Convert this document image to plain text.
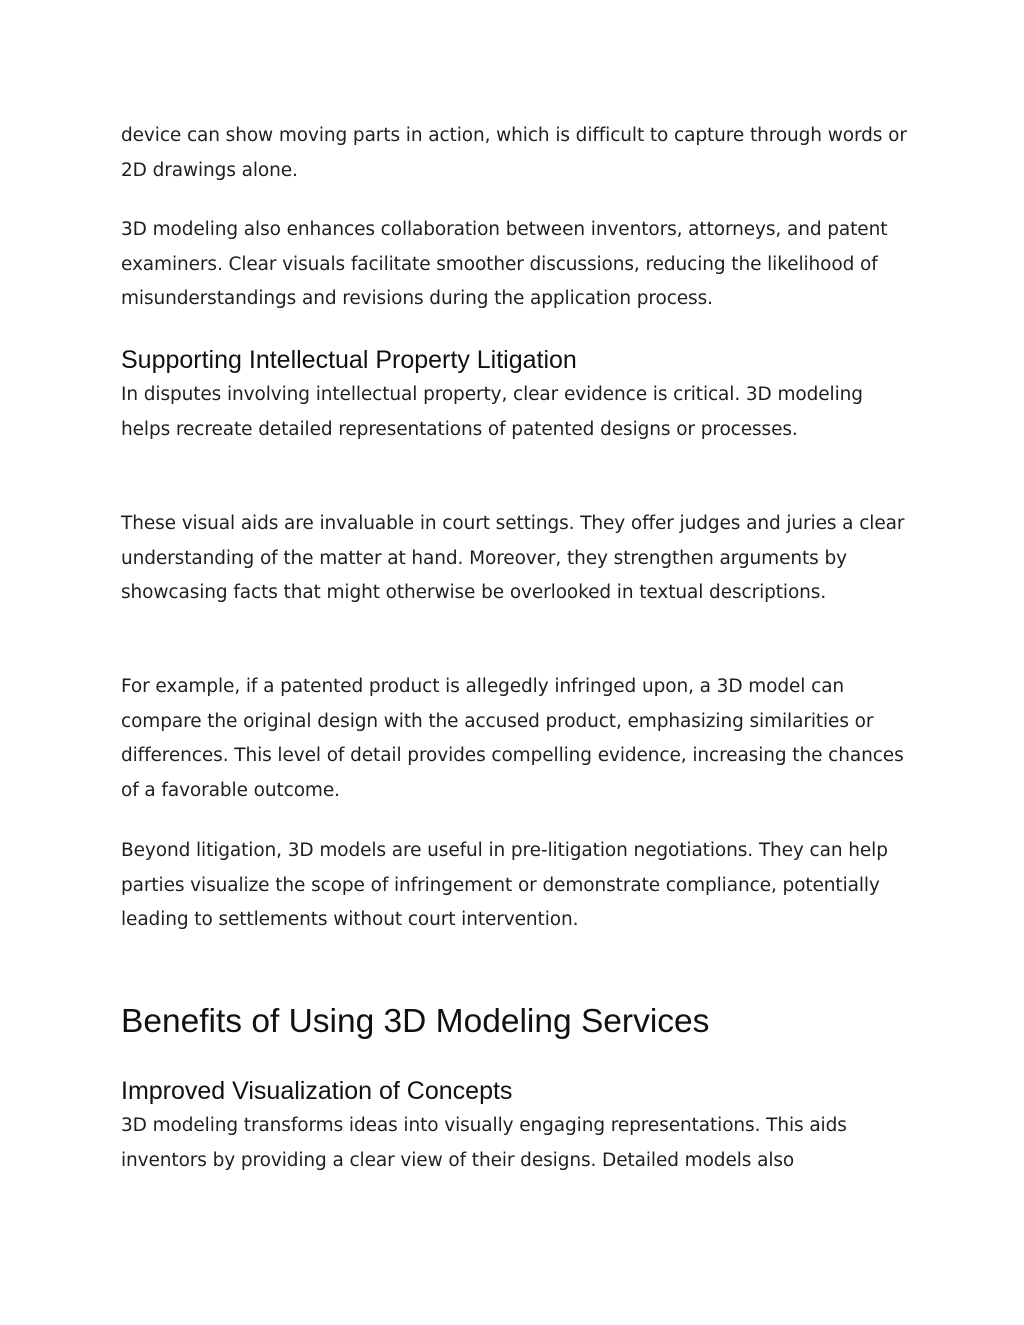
device can show moving parts in action, which is difficult to capture through words or 2D drawings alone.

3D modeling also enhances collaboration between inventors, attorneys, and patent examiners. Clear visuals facilitate smoother discussions, reducing the likelihood of misunderstandings and revisions during the application process.

Supporting Intellectual Property Litigation

In disputes involving intellectual property, clear evidence is critical. 3D modeling helps recreate detailed representations of patented designs or processes.

These visual aids are invaluable in court settings. They offer judges and juries a clear understanding of the matter at hand. Moreover, they strengthen arguments by showcasing facts that might otherwise be overlooked in textual descriptions.

For example, if a patented product is allegedly infringed upon, a 3D model can compare the original design with the accused product, emphasizing similarities or differences. This level of detail provides compelling evidence, increasing the chances of a favorable outcome.

Beyond litigation, 3D models are useful in pre-litigation negotiations. They can help parties visualize the scope of infringement or demonstrate compliance, potentially leading to settlements without court intervention.

Benefits of Using 3D Modeling Services
Improved Visualization of Concepts

3D modeling transforms ideas into visually engaging representations. This aids inventors by providing a clear view of their designs. Detailed models also
